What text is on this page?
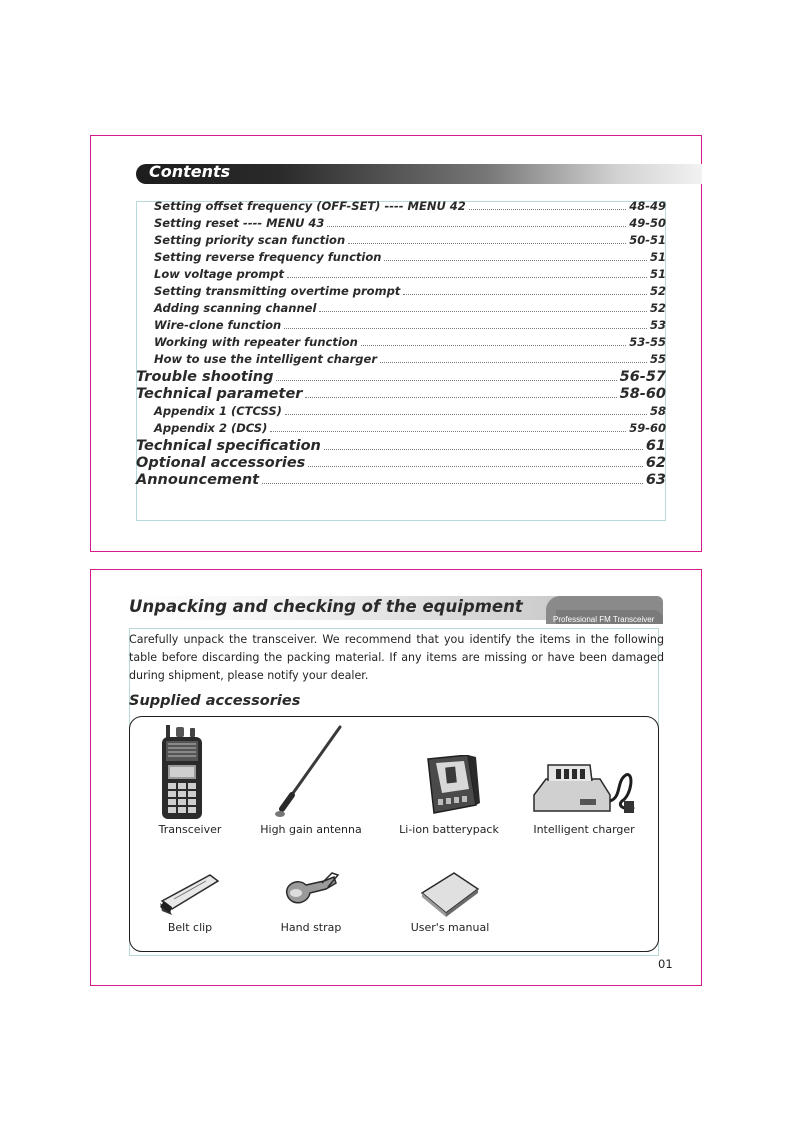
Contents
Setting offset frequency (OFF-SET) ---- MENU 42	48-49
Setting reset ---- MENU 43	49-50
Setting priority scan function	50-51
Setting reverse frequency function	51
Low voltage prompt	51
Setting transmitting overtime prompt	52
Adding scanning channel	52
Wire-clone function	53
Working with repeater function	53-55
How to use the intelligent charger	55
Trouble shooting	56-57
Technical parameter	58-60
Appendix 1 (CTCSS)	58
Appendix 2 (DCS)	59-60
Technical specification	61
Optional accessories	62
Announcement	63
Unpacking and checking of the equipment
Professional FM Transceiver
Carefully unpack the transceiver. We recommend that you identify the items in the following table before discarding the packing material. If any items are missing or have been damaged during shipment, please notify your dealer.
Supplied accessories
Transceiver	High gain antenna	Li-ion batterypack	Intelligent charger
Belt clip	Hand strap	User's manual
01
